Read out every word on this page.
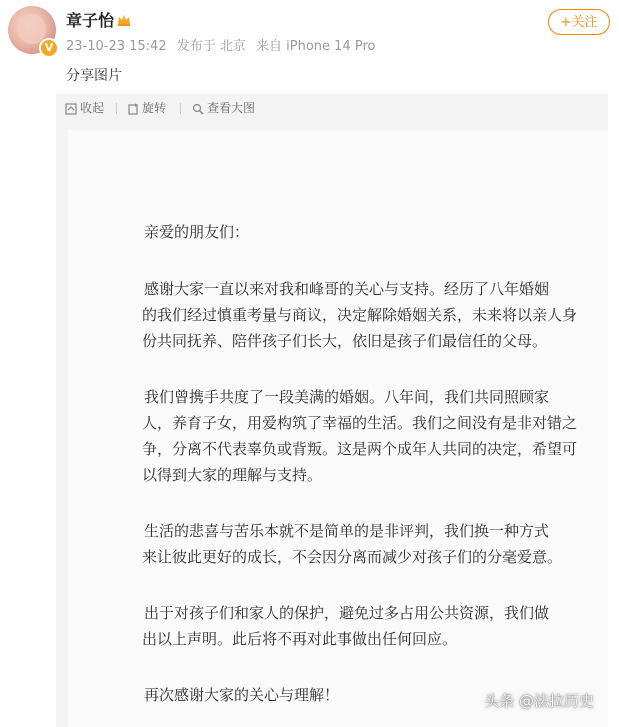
V
章子怡
23-10-23 15:42 发布于 北京 来自 iPhone 14 Pro
+关注
分享图片
收起	旋转	查看大图
亲爱的朋友们：
感谢大家一直以来对我和峰哥的关心与支持。经历了八年婚姻
的我们经过慎重考量与商议，决定解除婚姻关系，未来将以亲人身
份共同抚养、陪伴孩子们长大，依旧是孩子们最信任的父母。
我们曾携手共度了一段美满的婚姻。八年间，我们共同照顾家
人，养育子女，用爱构筑了幸福的生活。我们之间没有是非对错之
争，分离不代表辜负或背叛。这是两个成年人共同的决定，希望可
以得到大家的理解与支持。
生活的悲喜与苦乐本就不是简单的是非评判，我们换一种方式
来让彼此更好的成长，不会因分离而减少对孩子们的分毫爱意。
出于对孩子们和家人的保护，避免过多占用公共资源，我们做
出以上声明。此后将不再对此事做出任何回应。
再次感谢大家的关心与理解！	头条 @法拉历史
